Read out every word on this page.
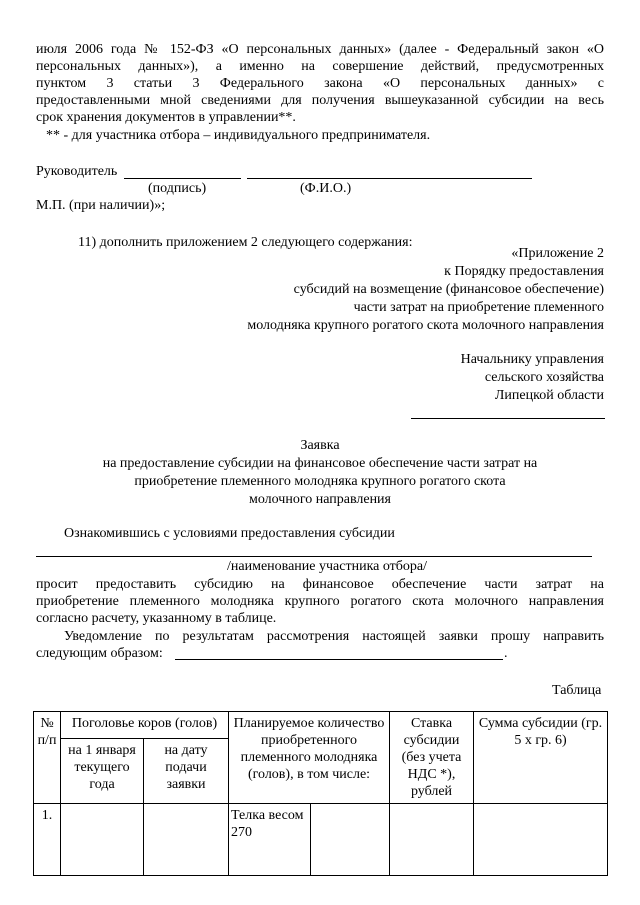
июля 2006 года № 152-ФЗ «О персональных данных» (далее - Федеральный закон «О
персональных данных»), а именно на совершение действий, предусмотренных
пунктом 3 статьи 3 Федерального закона «О персональных данных» с
предоставленными мной сведениями для получения вышеуказанной субсидии на весь
срок хранения документов в управлении**.
** - для участника отбора – индивидуального предпринимателя.
Руководитель
(подпись)	(Ф.И.О.)
М.П. (при наличии)»;
11) дополнить приложением 2 следующего содержания:
«Приложение 2
к Порядку предоставления
субсидий на возмещение (финансовое обеспечение)
части затрат на приобретение племенного
молодняка крупного рогатого скота молочного направления
Начальнику управления
сельского хозяйства
Липецкой области
Заявка
на предоставление субсидии на финансовое обеспечение части затрат на
приобретение племенного молодняка крупного рогатого скота
молочного направления
Ознакомившись с условиями предоставления субсидии
/наименование участника отбора/
просит предоставить субсидию на финансовое обеспечение части затрат на
приобретение племенного молодняка крупного рогатого скота молочного направления
согласно расчету, указанному в таблице.
Уведомление по результатам рассмотрения настоящей заявки прошу направить
следующим образом:	.
Таблица
№ п/п	Поголовье коров (голов)		Планируемое количество приобретенного племенного молодняка (голов), в том числе:		Ставка субсидии (без учета НДС *), рублей	Сумма субсидии (гр. 5 х гр. 6)
	на 1 января текущего года	на дату подачи заявки				
1.			Телка весом 270			
